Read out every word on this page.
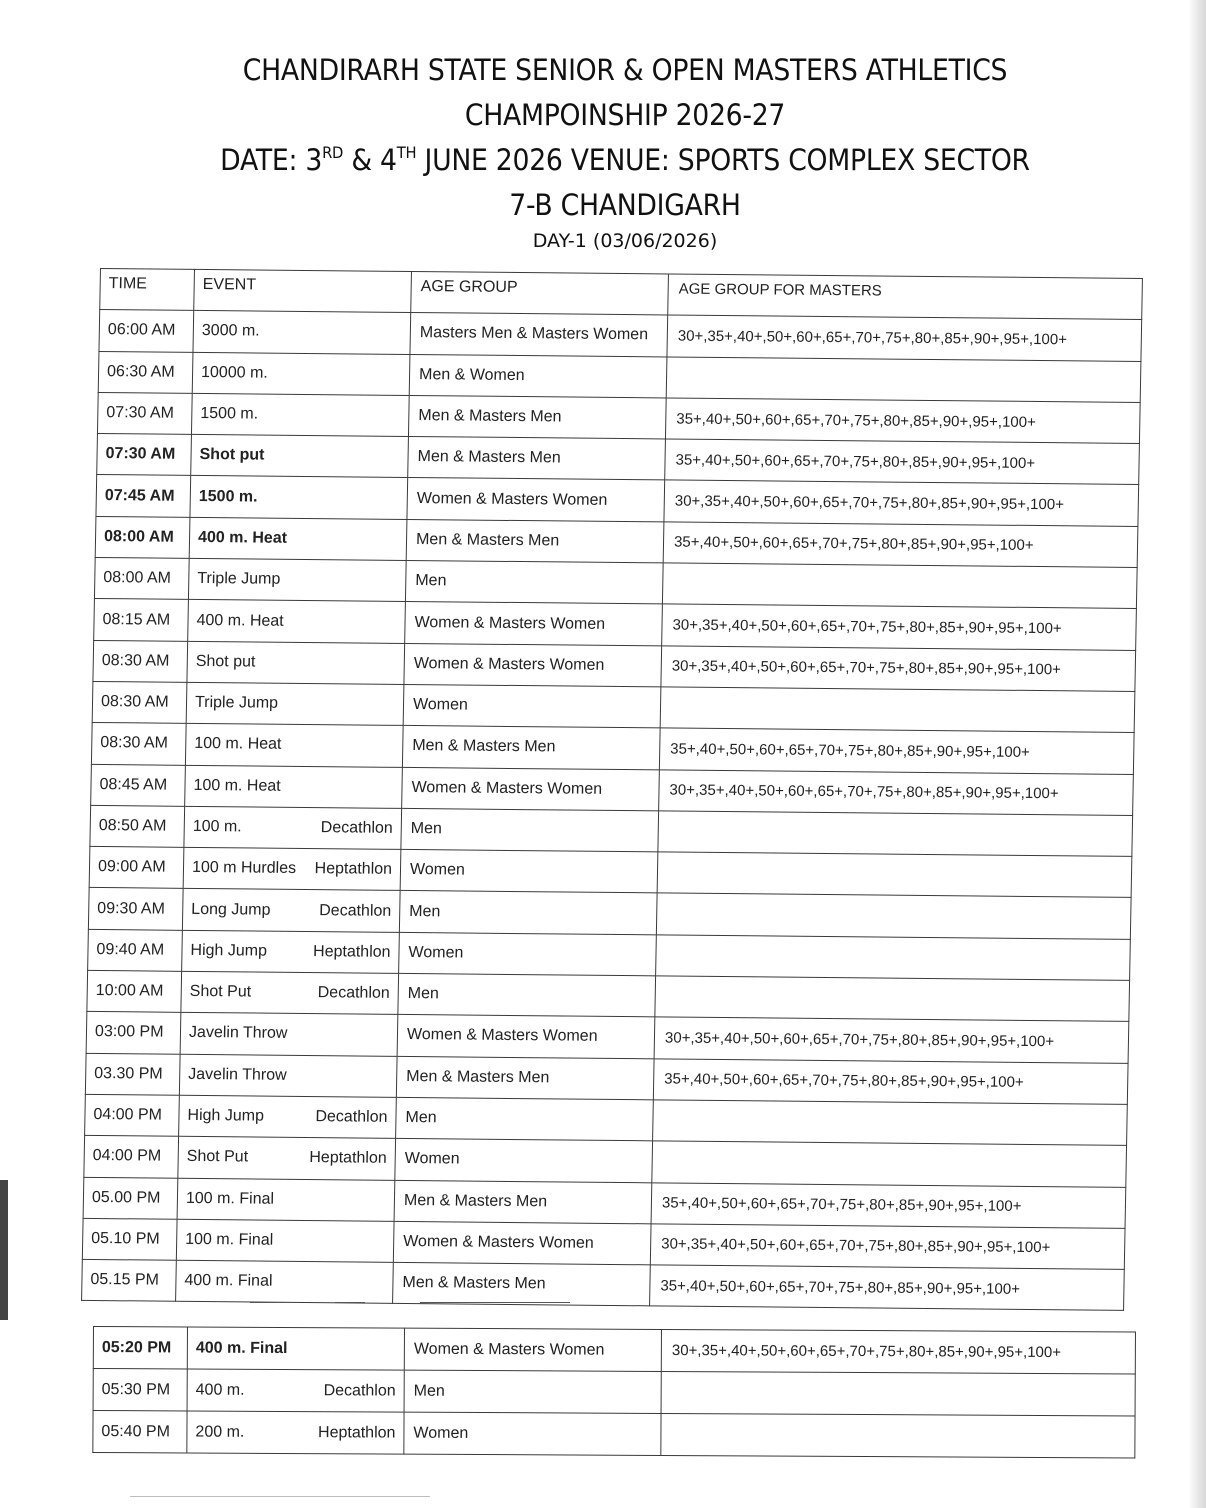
CHANDIRARH STATE SENIOR & OPEN MASTERS ATHLETICS
CHAMPOINSHIP 2026-27
DATE: 3RD & 4TH JUNE 2026 VENUE: SPORTS COMPLEX SECTOR
7-B CHANDIGARH
DAY-1 (03/06/2026)
TIME	EVENT	AGE GROUP	AGE GROUP FOR MASTERS
06:00 AM	3000 m.	Masters Men & Masters Women	30+,35+,40+,50+,60+,65+,70+,75+,80+,85+,90+,95+,100+
06:30 AM	10000 m.	Men & Women	
07:30 AM	1500 m.	Men & Masters Men	35+,40+,50+,60+,65+,70+,75+,80+,85+,90+,95+,100+
07:30 AM	Shot put	Men & Masters Men	35+,40+,50+,60+,65+,70+,75+,80+,85+,90+,95+,100+
07:45 AM	1500 m.	Women & Masters Women	30+,35+,40+,50+,60+,65+,70+,75+,80+,85+,90+,95+,100+
08:00 AM	400 m. Heat	Men & Masters Men	35+,40+,50+,60+,65+,70+,75+,80+,85+,90+,95+,100+
08:00 AM	Triple Jump	Men	
08:15 AM	400 m. Heat	Women & Masters Women	30+,35+,40+,50+,60+,65+,70+,75+,80+,85+,90+,95+,100+
08:30 AM	Shot put	Women & Masters Women	30+,35+,40+,50+,60+,65+,70+,75+,80+,85+,90+,95+,100+
08:30 AM	Triple Jump	Women	
08:30 AM	100 m. Heat	Men & Masters Men	35+,40+,50+,60+,65+,70+,75+,80+,85+,90+,95+,100+
08:45 AM	100 m. Heat	Women & Masters Women	30+,35+,40+,50+,60+,65+,70+,75+,80+,85+,90+,95+,100+
08:50 AM	100 m. Decathlon	Men	
09:00 AM	100 m Hurdles Heptathlon	Women	
09:30 AM	Long Jump Decathlon	Men	
09:40 AM	High Jump Heptathlon	Women	
10:00 AM	Shot Put Decathlon	Men	
03:00 PM	Javelin Throw	Women & Masters Women	30+,35+,40+,50+,60+,65+,70+,75+,80+,85+,90+,95+,100+
03.30 PM	Javelin Throw	Men & Masters Men	35+,40+,50+,60+,65+,70+,75+,80+,85+,90+,95+,100+
04:00 PM	High Jump Decathlon	Men	
04:00 PM	Shot Put Heptathlon	Women	
05.00 PM	100 m. Final	Men & Masters Men	35+,40+,50+,60+,65+,70+,75+,80+,85+,90+,95+,100+
05.10 PM	100 m. Final	Women & Masters Women	30+,35+,40+,50+,60+,65+,70+,75+,80+,85+,90+,95+,100+
05.15 PM	400 m. Final	Men & Masters Men	35+,40+,50+,60+,65+,70+,75+,80+,85+,90+,95+,100+
05:20 PM	400 m. Final	Women & Masters Women	30+,35+,40+,50+,60+,65+,70+,75+,80+,85+,90+,95+,100+
05:30 PM	400 m. Decathlon	Men	
05:40 PM	200 m. Heptathlon	Women	
